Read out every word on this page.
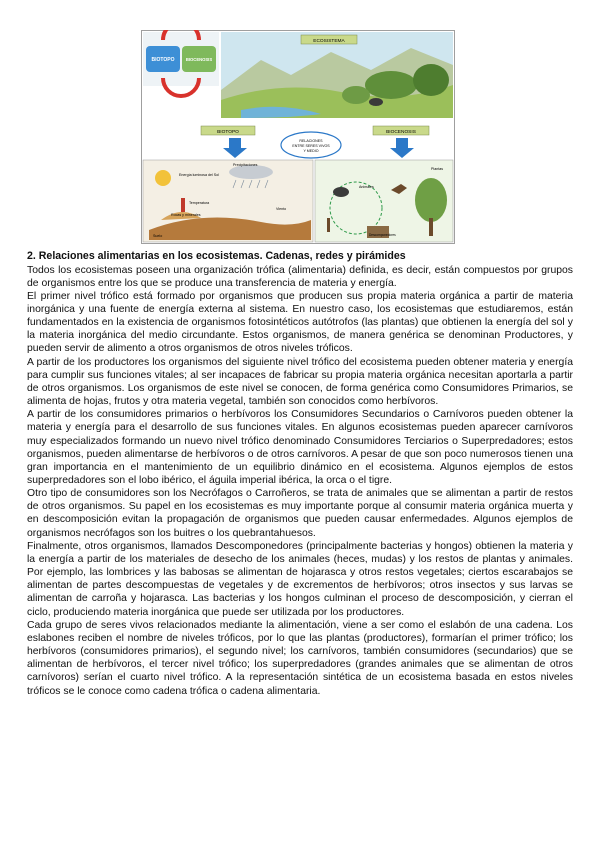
BIOTOPO	BIOCENOSIS
ECOSISTEMA
BIOTOPO	BIOCENOSIS
RELACIONES
ENTRE SERES VIVOS
Y MEDIO
Energía luminosa del Sol
Precipitaciones
Temperatura
Rocas y minerales
Viento
Suelo
Plantas
Animales
Descomponedores
2. Relaciones alimentarias en los ecosistemas. Cadenas, redes y pirámides

Todos los ecosistemas poseen una organización trófica (alimentaria) definida, es decir, están compuestos por grupos de organismos entre los que se produce una transferencia de materia y energía.

El primer nivel trófico está formado por organismos que producen sus propia materia orgánica a partir de materia inorgánica y una fuente de energía externa al sistema. En nuestro caso, los ecosistemas que estudiaremos, están fundamentados en la existencia de organismos fotosintéticos autótrofos (las plantas) que obtienen la energía del sol y la materia inorgánica del medio circundante. Estos organismos, de manera genérica se denominan Productores, y pueden servir de alimento a otros organismos de otros niveles tróficos.

A partir de los productores los organismos del siguiente nivel trófico del ecosistema pueden obtener materia y energía para cumplir sus funciones vitales; al ser incapaces de fabricar su propia materia orgánica necesitan aportarla a partir de otros organismos. Los organismos de este nivel se conocen, de forma genérica como Consumidores Primarios, se alimenta de hojas, frutos y otra materia vegetal, también son conocidos como herbívoros.

A partir de los consumidores primarios o herbívoros los Consumidores Secundarios o Carnívoros pueden obtener la materia y energía para el desarrollo de sus funciones vitales. En algunos ecosistemas pueden aparecer carnívoros muy especializados formando un nuevo nivel trófico denominado Consumidores Terciarios o Superpredadores; estos organismos, pueden alimentarse de herbívoros o de otros carnívoros. A pesar de que son poco numerosos tienen una gran importancia en el mantenimiento de un equilibrio dinámico en el ecosistema. Algunos ejemplos de estos superpredadores son el lobo ibérico, el águila imperial ibérica, la orca o el tigre.

Otro tipo de consumidores son los Necrófagos o Carroñeros, se trata de animales que se alimentan a partir de restos de otros organismos. Su papel en los ecosistemas es muy importante porque al consumir materia orgánica muerta y en descomposición evitan la propagación de organismos que pueden causar enfermedades. Algunos ejemplos de organismos necrófagos son los buitres o los quebrantahuesos.

Finalmente, otros organismos, llamados Descomponedores (principalmente bacterias y hongos) obtienen la materia y la energía a partir de los materiales de desecho de los animales (heces, mudas) y los restos de plantas y animales. Por ejemplo, las lombrices y las babosas se alimentan de hojarasca y otros restos vegetales; ciertos escarabajos se alimentan de partes descompuestas de vegetales y de excrementos de herbívoros; otros insectos y sus larvas se alimentan de carroña y hojarasca. Las bacterias y los hongos culminan el proceso de descomposición, y cierran el ciclo, produciendo materia inorgánica que puede ser utilizada por los productores.

Cada grupo de seres vivos relacionados mediante la alimentación, viene a ser como el eslabón de una cadena. Los eslabones reciben el nombre de niveles tróficos, por lo que las plantas (productores), formarían el primer trófico; los herbívoros (consumidores primarios), el segundo nivel; los carnívoros, también consumidores (secundarios) que se alimentan de herbívoros, el tercer nivel trófico; los superpredadores (grandes animales que se alimentan de otros carnívoros) serían el cuarto nivel trófico. A la representación sintética de un ecosistema basada en estos niveles tróficos se le conoce como cadena trófica o cadena alimentaria.
